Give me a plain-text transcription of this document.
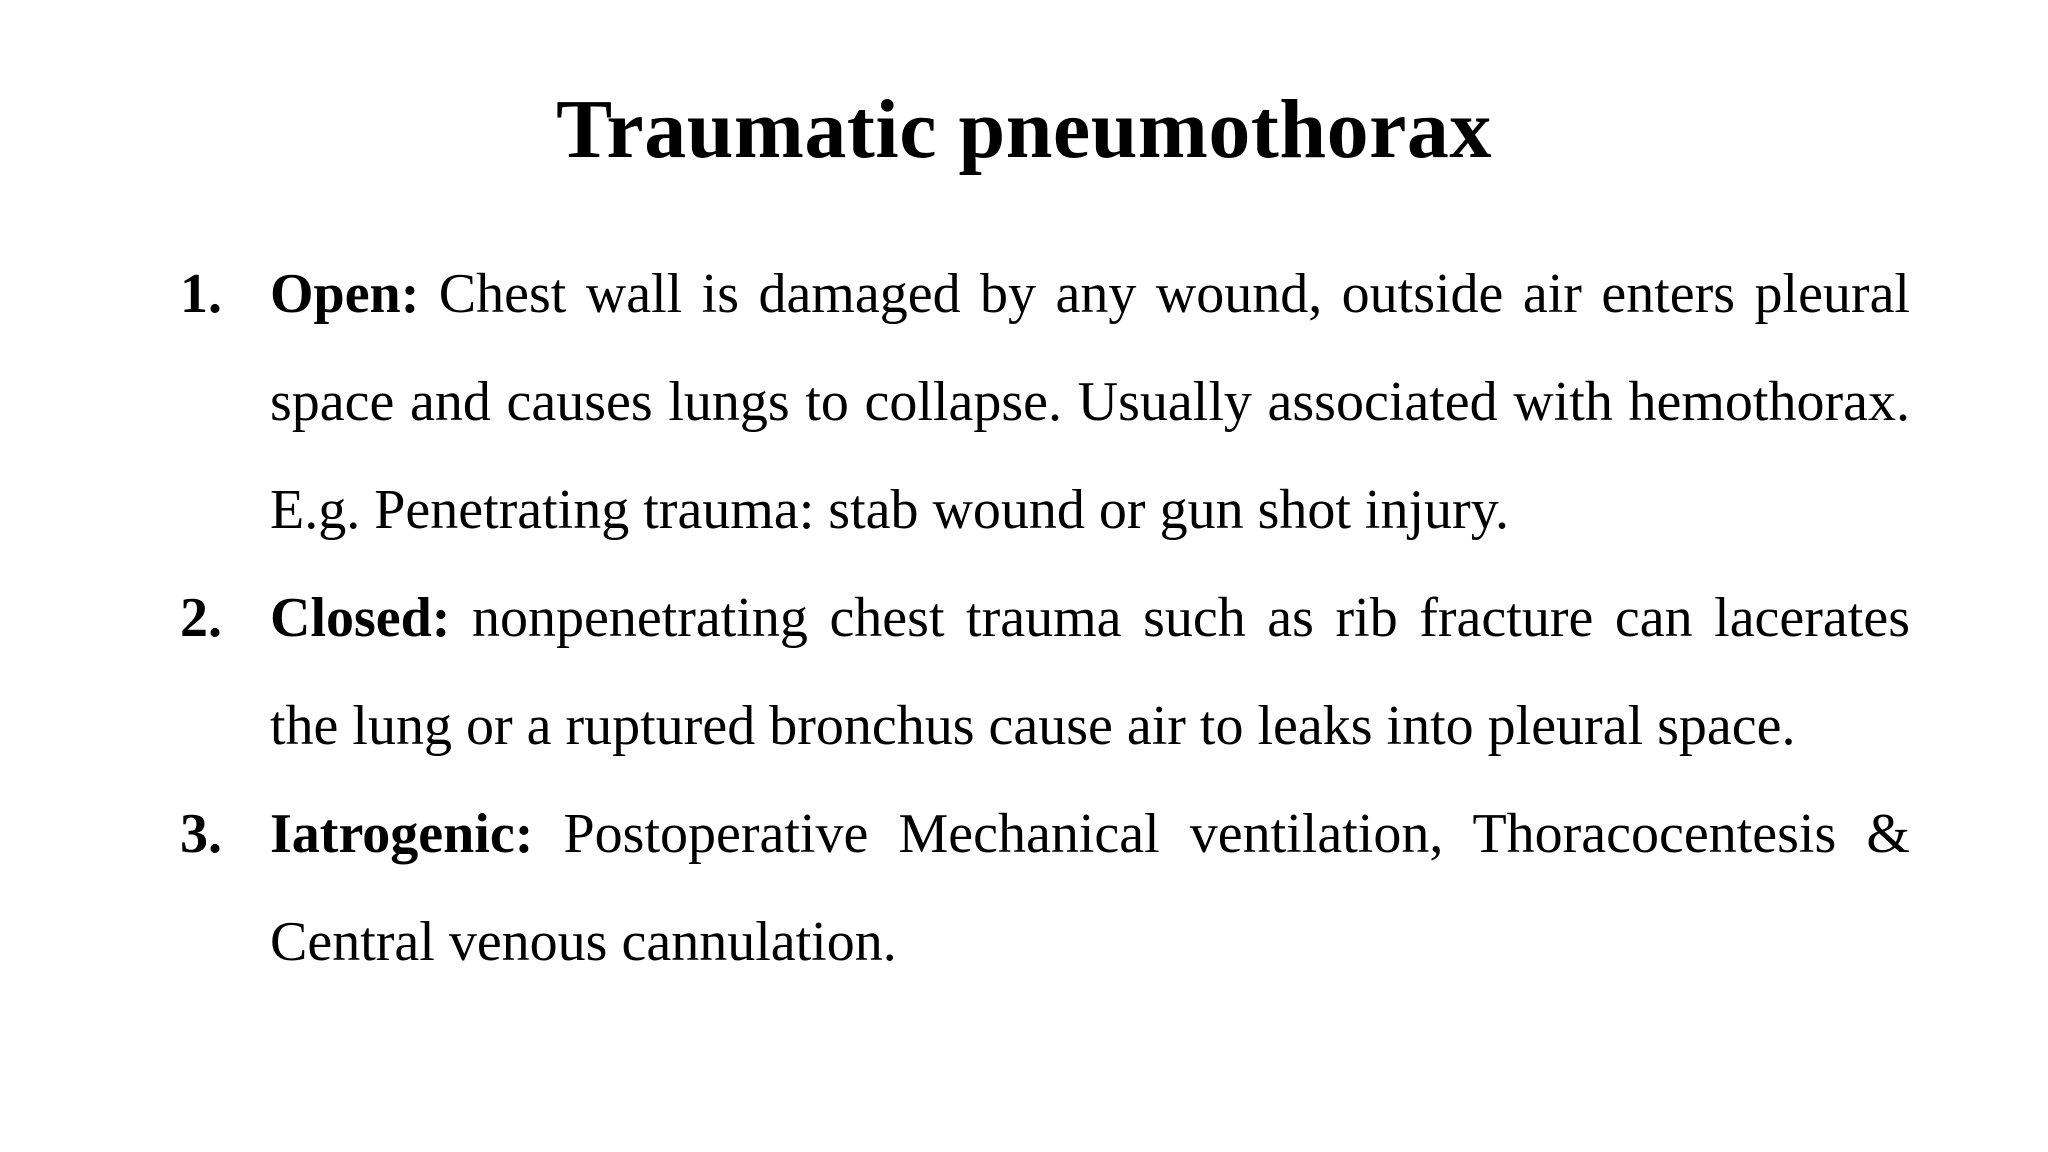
Traumatic pneumothorax
1. Open: Chest wall is damaged by any wound, outside air enters pleural space and causes lungs to collapse. Usually associated with hemothorax. E.g. Penetrating trauma: stab wound or gun shot injury.
2. Closed: nonpenetrating chest trauma such as rib fracture can lacerates the lung or a ruptured bronchus cause air to leaks into pleural space.
3. Iatrogenic: Postoperative Mechanical ventilation, Thoracocentesis & Central venous cannulation.
